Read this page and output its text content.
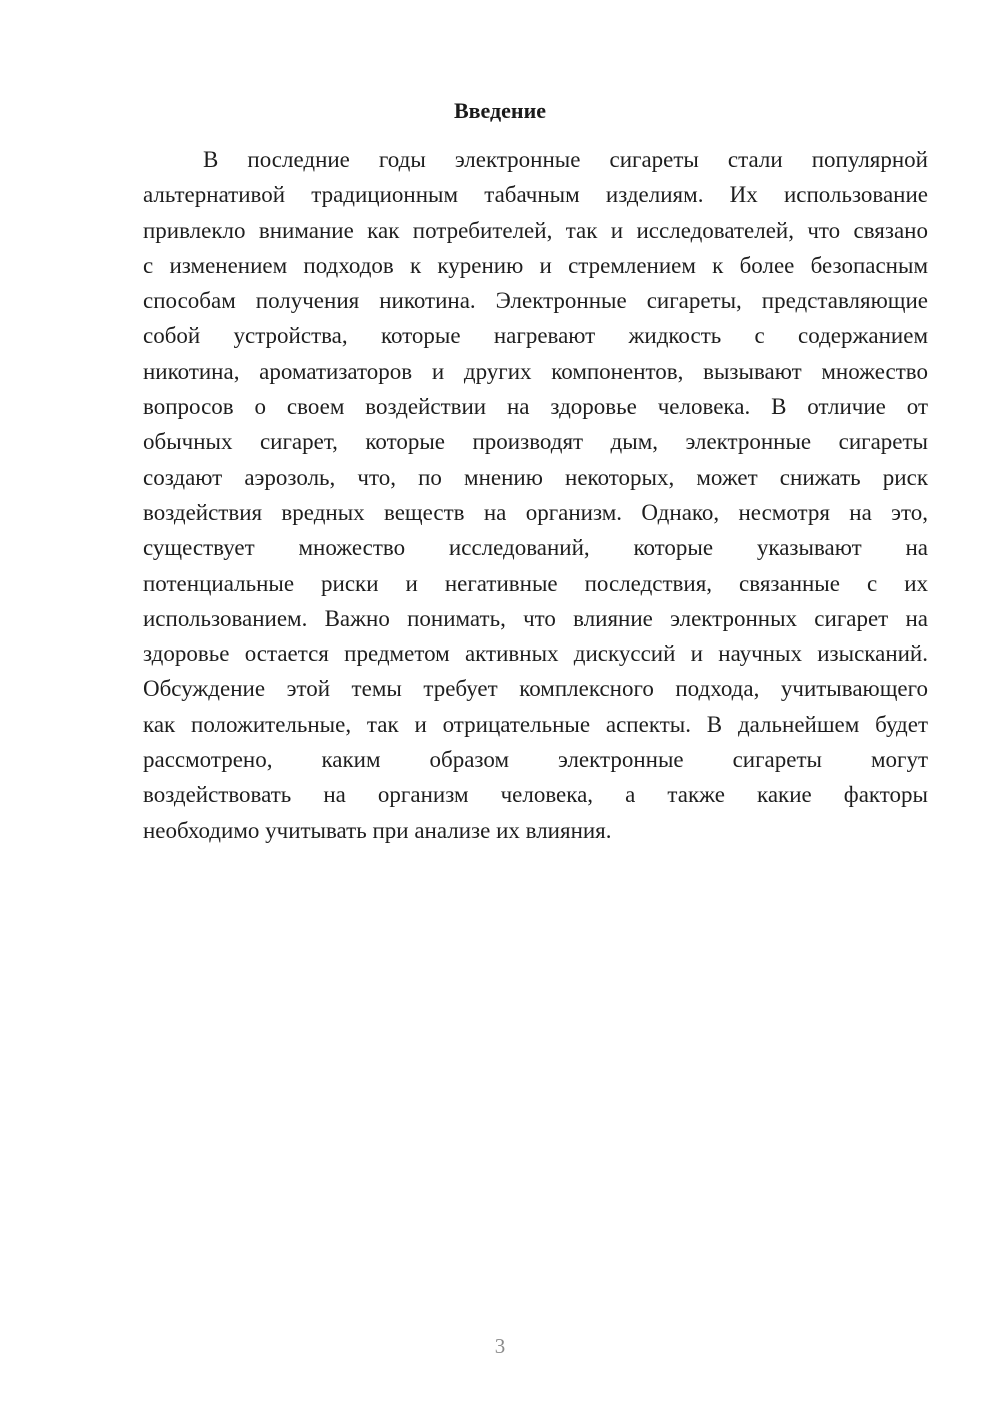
Введение
В последние годы электронные сигареты стали популярной
альтернативой традиционным табачным изделиям. Их использование
привлекло внимание как потребителей, так и исследователей, что связано
с изменением подходов к курению и стремлением к более безопасным
способам получения никотина. Электронные сигареты, представляющие
собой устройства, которые нагревают жидкость с содержанием
никотина, ароматизаторов и других компонентов, вызывают множество
вопросов о своем воздействии на здоровье человека. В отличие от
обычных сигарет, которые производят дым, электронные сигареты
создают аэрозоль, что, по мнению некоторых, может снижать риск
воздействия вредных веществ на организм. Однако, несмотря на это,
существует множество исследований, которые указывают на
потенциальные риски и негативные последствия, связанные с их
использованием. Важно понимать, что влияние электронных сигарет на
здоровье остается предметом активных дискуссий и научных изысканий.
Обсуждение этой темы требует комплексного подхода, учитывающего
как положительные, так и отрицательные аспекты. В дальнейшем будет
рассмотрено, каким образом электронные сигареты могут
воздействовать на организм человека, а также какие факторы
необходимо учитывать при анализе их влияния.
3
